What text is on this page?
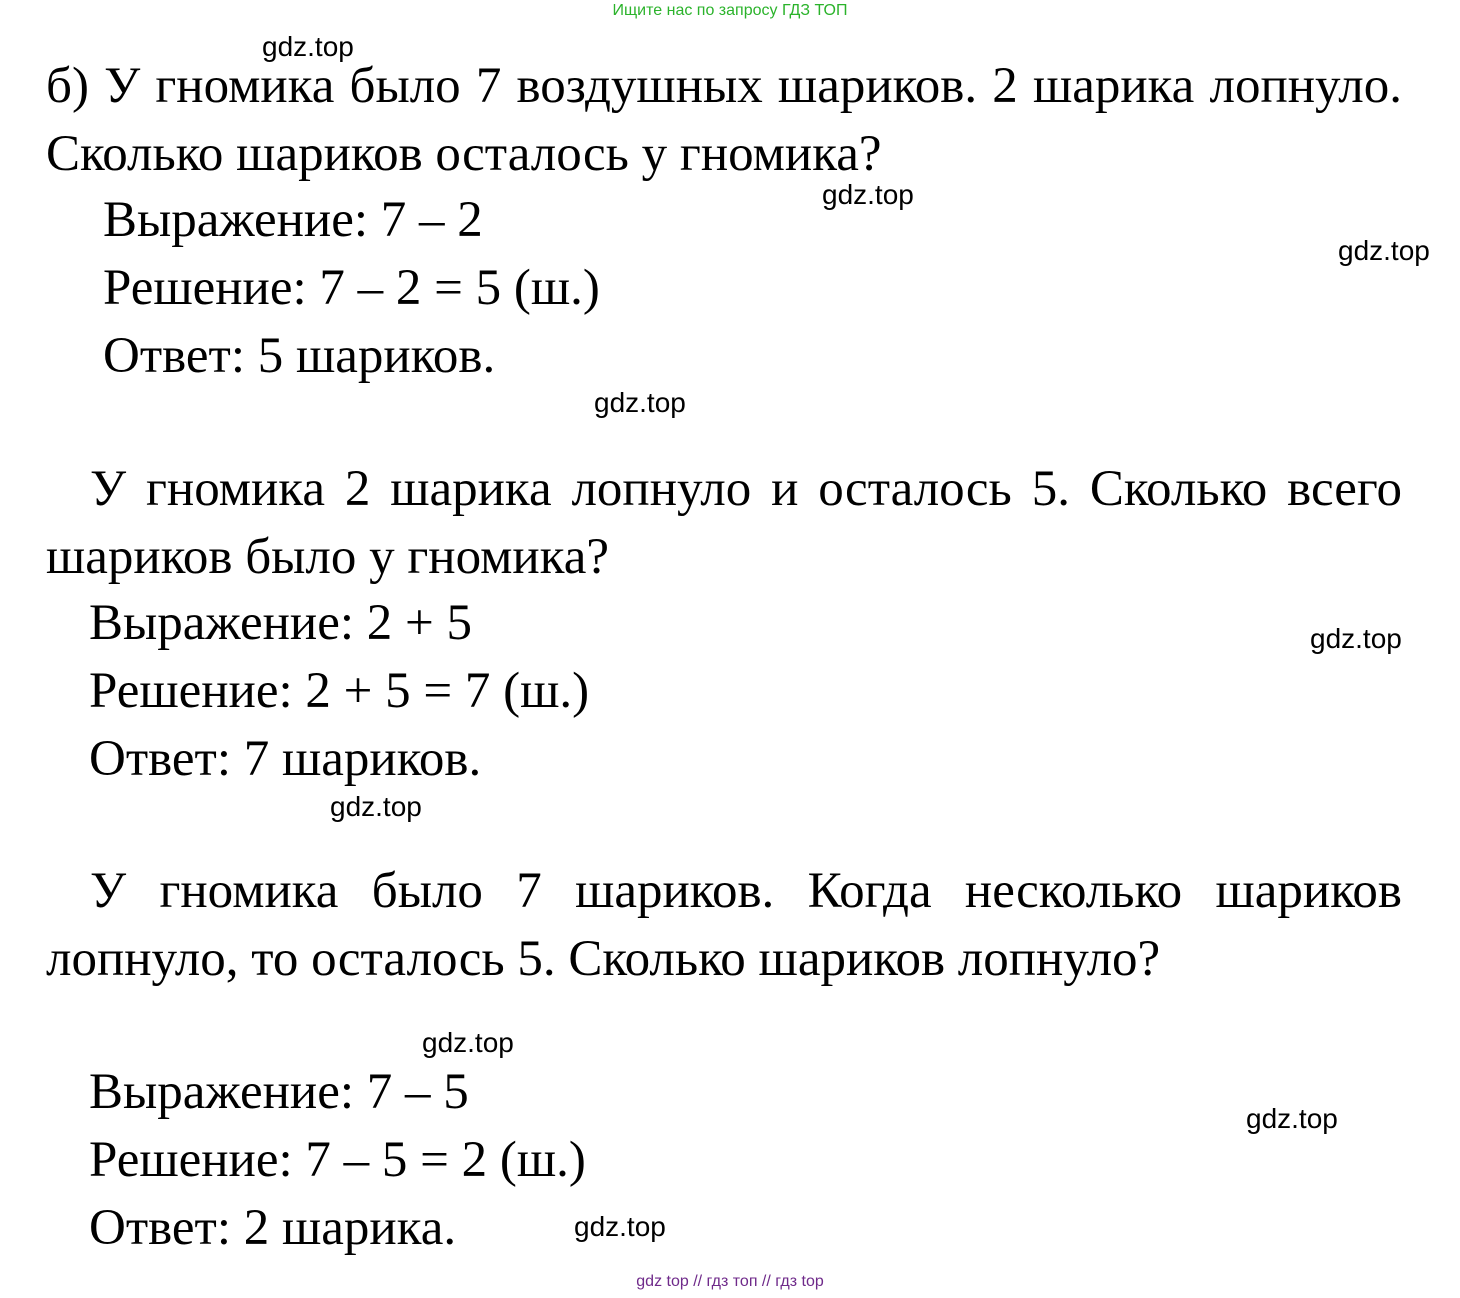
Ищите нас по запросу ГДЗ ТОП

б) У гномика было 7 воздушных шариков. 2 шарика лопнуло. Сколько шариков осталось у гномика?

Выражение: 7 – 2
Решение: 7 – 2 = 5 (ш.)
Ответ: 5 шариков.

У гномика 2 шарика лопнуло и осталось 5. Сколько всего шариков было у гномика?

Выражение: 2 + 5
Решение: 2 + 5 = 7 (ш.)
Ответ: 7 шариков.

У гномика было 7 шариков. Когда несколько шариков лопнуло, то осталось 5. Сколько шариков лопнуло?

Выражение: 7 – 5
Решение: 7 – 5 = 2 (ш.)
Ответ: 2 шарика.
gdz.top
gdz.top
gdz.top
gdz.top
gdz.top
gdz.top
gdz.top
gdz.top
gdz.top
gdz top // гдз топ // гдз top
